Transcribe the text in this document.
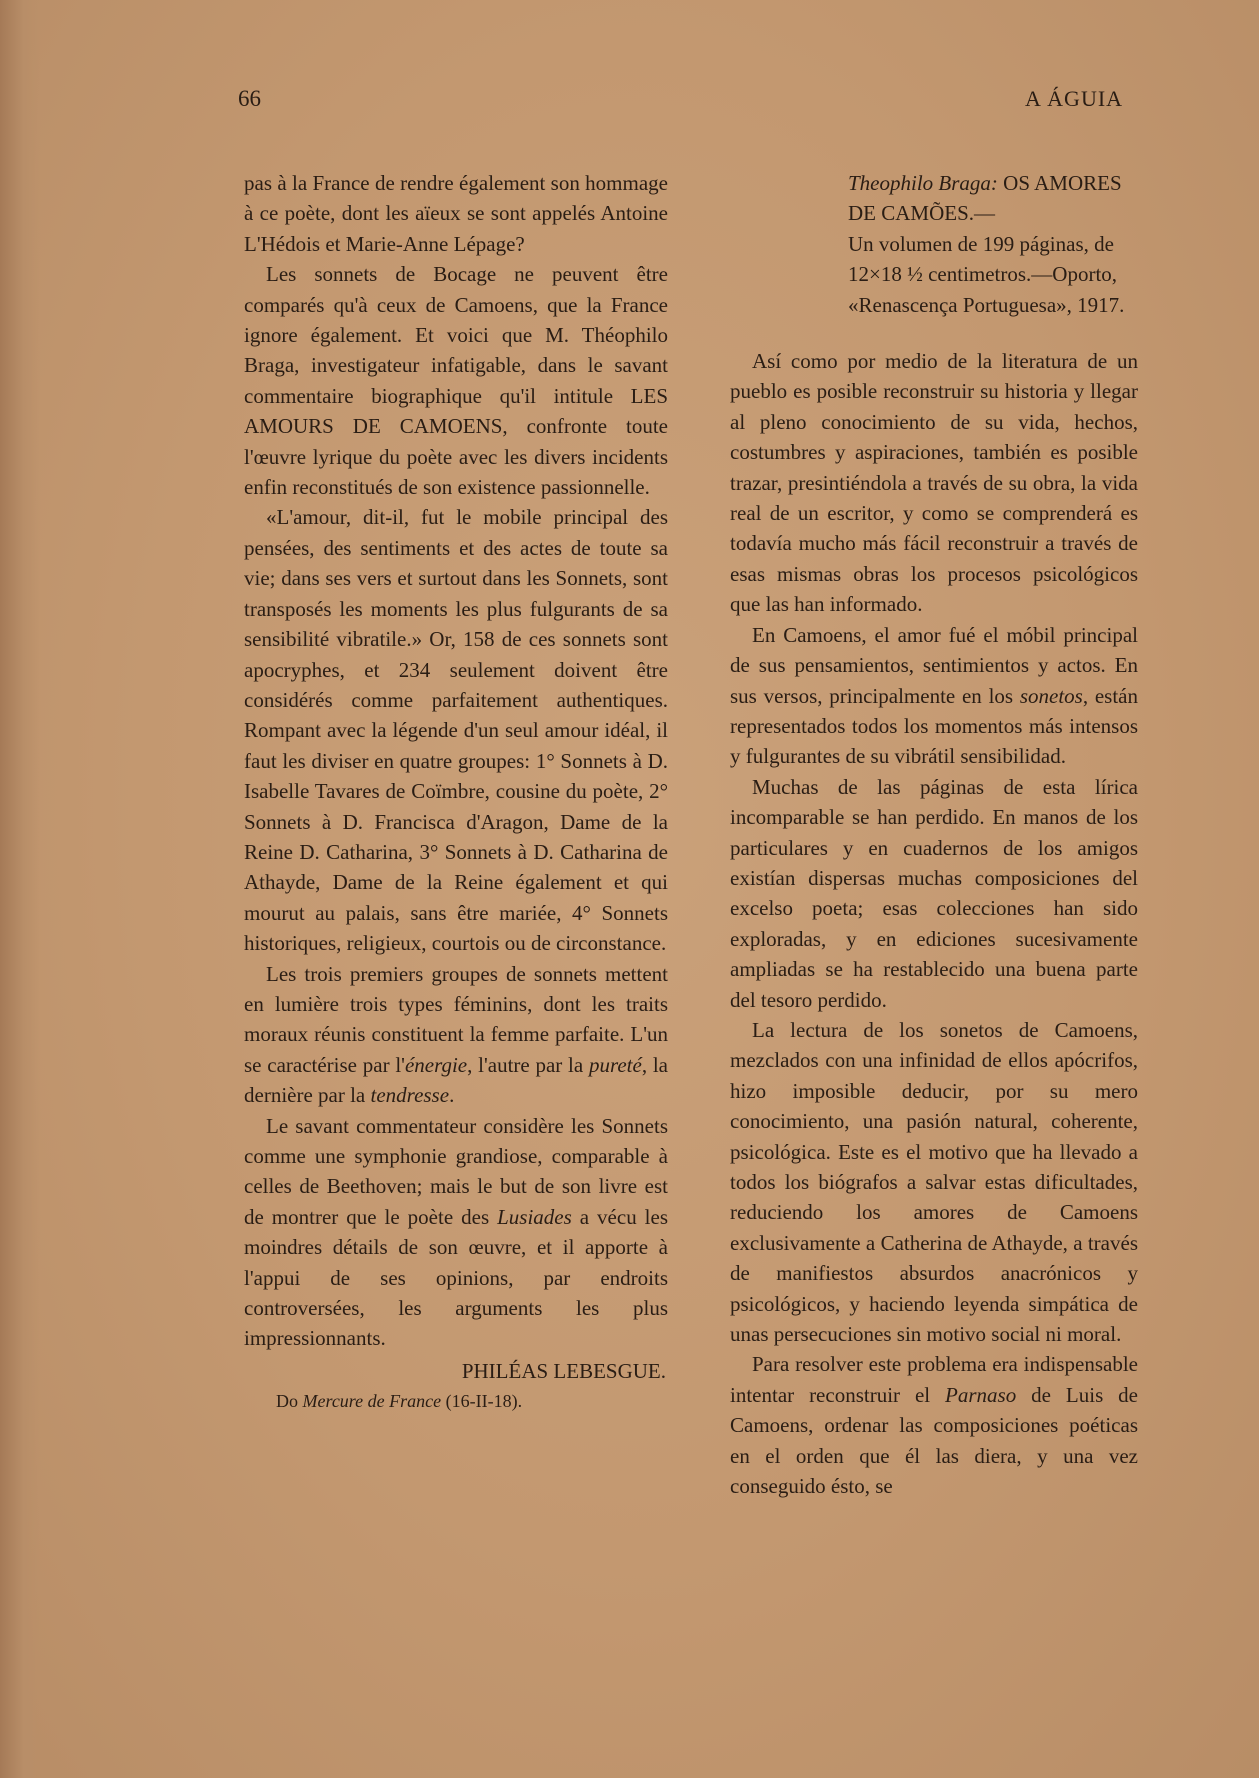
66	A ÁGUIA

pas à la France de rendre également son hommage à ce poète, dont les aïeux se sont appelés Antoine L'Hédois et Marie-Anne Lépage?

Les sonnets de Bocage ne peuvent être comparés qu'à ceux de Camoens, que la France ignore également. Et voici que M. Théophilo Braga, investigateur infatigable, dans le savant commentaire biographique qu'il intitule LES AMOURS DE CAMOENS, confronte toute l'œuvre lyrique du poète avec les divers incidents enfin reconstitués de son existence passionnelle.

«L'amour, dit-il, fut le mobile principal des pensées, des sentiments et des actes de toute sa vie; dans ses vers et surtout dans les Sonnets, sont transposés les moments les plus fulgurants de sa sensibilité vibratile.» Or, 158 de ces sonnets sont apocryphes, et 234 seulement doivent être considérés comme parfaitement authentiques. Rompant avec la légende d'un seul amour idéal, il faut les diviser en quatre groupes: 1° Sonnets à D. Isabelle Tavares de Coïmbre, cousine du poète, 2° Sonnets à D. Francisca d'Aragon, Dame de la Reine D. Catharina, 3° Sonnets à D. Catharina de Athayde, Dame de la Reine également et qui mourut au palais, sans être mariée, 4° Sonnets historiques, religieux, courtois ou de circonstance.

Les trois premiers groupes de sonnets mettent en lumière trois types féminins, dont les traits moraux réunis constituent la femme parfaite. L'un se caractérise par l'énergie, l'autre par la pureté, la dernière par la tendresse.

Le savant commentateur considère les Sonnets comme une symphonie grandiose, comparable à celles de Beethoven; mais le but de son livre est de montrer que le poète des Lusiades a vécu les moindres détails de son œuvre, et il apporte à l'appui de ses opinions, par endroits controversées, les arguments les plus impressionnants.

PHILÉAS LEBESGUE.
Do Mercure de France (16-II-18).

Theophilo Braga: OS AMORES DE CAMÕES.—

Un volumen de 199 páginas, de 12×18 ½ centimetros.—Oporto, «Renascença Portuguesa», 1917.

Así como por medio de la literatura de un pueblo es posible reconstruir su historia y llegar al pleno conocimiento de su vida, hechos, costumbres y aspiraciones, también es posible trazar, presintiéndola a través de su obra, la vida real de un escritor, y como se comprenderá es todavía mucho más fácil reconstruir a través de esas mismas obras los procesos psicológicos que las han informado.

En Camoens, el amor fué el móbil principal de sus pensamientos, sentimientos y actos. En sus versos, principalmente en los sonetos, están representados todos los momentos más intensos y fulgurantes de su vibrátil sensibilidad.

Muchas de las páginas de esta lírica incomparable se han perdido. En manos de los particulares y en cuadernos de los amigos existían dispersas muchas composiciones del excelso poeta; esas colecciones han sido exploradas, y en ediciones sucesivamente ampliadas se ha restablecido una buena parte del tesoro perdido.

La lectura de los sonetos de Camoens, mezclados con una infinidad de ellos apócrifos, hizo imposible deducir, por su mero conocimiento, una pasión natural, coherente, psicológica. Este es el motivo que ha llevado a todos los biógrafos a salvar estas dificultades, reduciendo los amores de Camoens exclusivamente a Catherina de Athayde, a través de manifiestos absurdos anacrónicos y psicológicos, y haciendo leyenda simpática de unas persecuciones sin motivo social ni moral.

Para resolver este problema era indispensable intentar reconstruir el Parnaso de Luis de Camoens, ordenar las composiciones poéticas en el orden que él las diera, y una vez conseguido ésto, se
